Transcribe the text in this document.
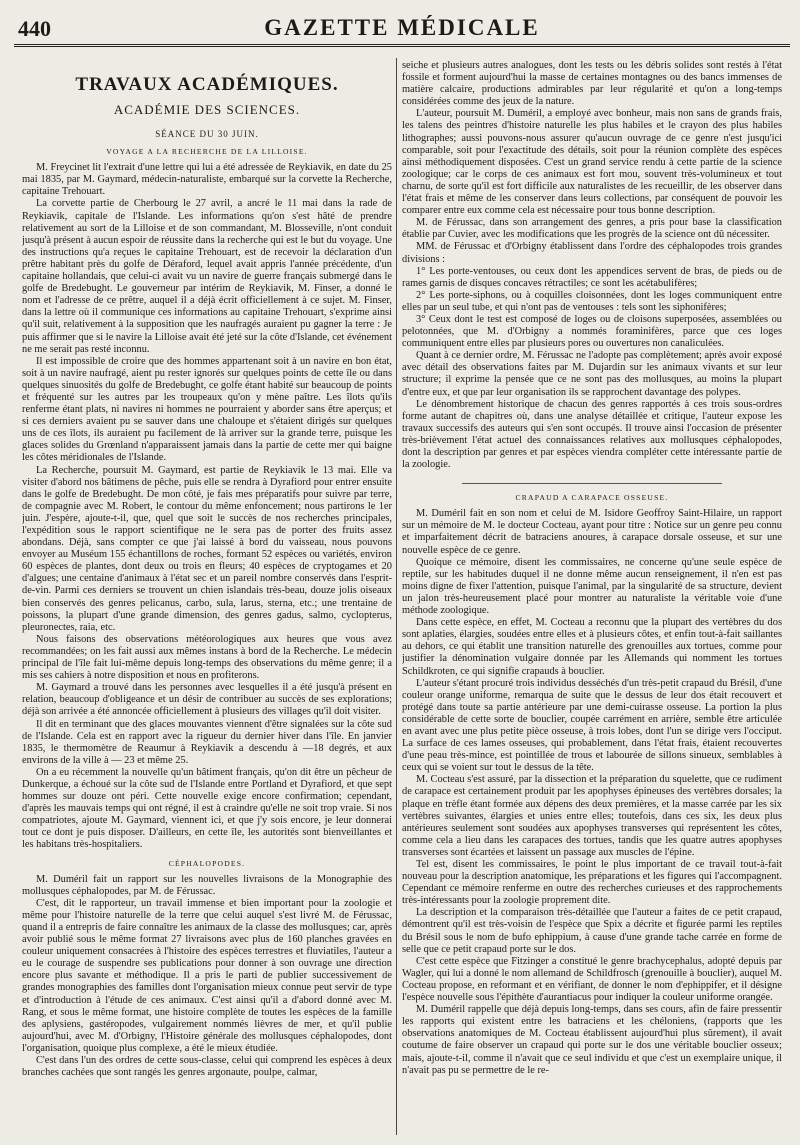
440	GAZETTE MÉDICALE
TRAVAUX ACADÉMIQUES.
ACADÉMIE DES SCIENCES.
SÉANCE DU 30 JUIN.
VOYAGE A LA RECHERCHE DE LA LILLOISE.

M. Freycinet lit l'extrait d'une lettre qui lui a été adressée de Reykiavik, en date du 25 mai 1835, par M. Gaymard, médecin-naturaliste, embarqué sur la corvette la Recherche, capitaine Trehouart.

La corvette partie de Cherbourg le 27 avril, a ancré le 11 mai dans la rade de Reykiavik, capitale de l'Islande. Les informations qu'on s'est hâté de prendre relativement au sort de la Lilloise et de son commandant, M. Blosseville, n'ont conduit jusqu'à présent à aucun espoir de réussite dans la recherche qui est le but du voyage. Une des instructions qu'a reçues le capitaine Trehouart, est de recevoir la déclaration d'un prêtre habitant près du golfe de Déraford, lequel avait appris l'année précédente, d'un capitaine hollandais, que celui-ci avait vu un navire de guerre français submergé dans le golfe de Bredebught. Le gouverneur par intérim de Reykiavik, M. Finser, a donné le nom et l'adresse de ce prêtre, auquel il a déjà écrit officiellement à ce sujet. M. Finser, dans la lettre où il communique ces informations au capitaine Trehouart, s'exprime ainsi qu'il suit, relativement à la supposition que les naufragés auraient pu gagner la terre : Je puis affirmer que si le navire la Lilloise avait été jeté sur la côte d'Islande, cet événement ne me serait pas resté inconnu.

Il est impossible de croire que des hommes appartenant soit à un navire en bon état, soit à un navire naufragé, aient pu rester ignorés sur quelques points de cette île ou dans quelques sinuosités du golfe de Bredebught, ce golfe étant habité sur beaucoup de points et fréquenté sur les autres par les troupeaux qu'on y mène paître. Les îlots qu'ils renferme étant plats, ni navires ni hommes ne pourraient y aborder sans être aperçus; et si ces derniers avaient pu se sauver dans une chaloupe et s'étaient dirigés sur quelques uns de ces îlots, ils auraient pu facilement de là arriver sur la grande terre, puisque les glaces solides du Grœnland n'apparaissent jamais dans la partie de cette mer qui baigne les côtes méridionales de l'Islande.

La Recherche, poursuit M. Gaymard, est partie de Reykiavik le 13 mai. Elle va visiter d'abord nos bâtimens de pêche, puis elle se rendra à Dyrafiord pour entrer ensuite dans le golfe de Bredebught. De mon côté, je fais mes préparatifs pour suivre par terre, de compagnie avec M. Robert, le contour du même enfoncement; nous partirons le 1er juin. J'espère, ajoute-t-il, que, quel que soit le succès de nos recherches principales, l'expédition sous le rapport scientifique ne le sera pas de porter des fruits assez abondans. Déjà, sans compter ce que j'ai laissé à bord du vaisseau, nous pouvons envoyer au Muséum 155 échantillons de roches, formant 52 espèces ou variétés, environ 60 espèces de plantes, dont deux ou trois en fleurs; 40 espèces de cryptogames et 20 d'algues; une centaine d'animaux à l'état sec et un pareil nombre conservés dans l'esprit-de-vin. Parmi ces derniers se trouvent un chien islandais très-beau, douze jolis oiseaux bien conservés des genres pelicanus, carbo, sula, larus, sterna, etc.; une trentaine de poissons, la plupart d'une grande dimension, des genres gadus, salmo, cyclopterus, pleuronectes, raia, etc.

Nous faisons des observations météorologiques aux heures que vous avez recommandées; on les fait aussi aux mêmes instans à bord de la Recherche. Le médecin principal de l'île fait lui-même depuis long-temps des observations du même genre; il a mis ses cahiers à notre disposition et nous en profiterons.

M. Gaymard a trouvé dans les personnes avec lesquelles il a été jusqu'à présent en relation, beaucoup d'obligeance et un désir de contribuer au succès de ses explorations; déjà son arrivée a été annoncée officiellement à plusieurs des villages qu'il doit visiter.

Il dit en terminant que des glaces mouvantes viennent d'être signalées sur la côte sud de l'Islande. Cela est en rapport avec la rigueur du dernier hiver dans l'île. En janvier 1835, le thermomètre de Reaumur à Reykiavik a descendu à —18 degrés, et aux environs de la ville à — 23 et même 25.

On a eu récemment la nouvelle qu'un bâtiment français, qu'on dit être un pêcheur de Dunkerque, a échoué sur la côte sud de l'Islande entre Portland et Dyrafiord, et que sept hommes sur douze ont péri. Cette nouvelle exige encore confirmation; cependant, d'après les mauvais temps qui ont régné, il est à craindre qu'elle ne soit trop vraie. Si nos compatriotes, ajoute M. Gaymard, viennent ici, et que j'y sois encore, je leur donnerai tout ce dont je puis disposer. D'ailleurs, en cette île, les autorités sont bienveillantes et les habitans très-hospitaliers.

CÉPHALOPODES.

M. Duméril fait un rapport sur les nouvelles livraisons de la Monographie des mollusques céphalopodes, par M. de Férussac.

C'est, dit le rapporteur, un travail immense et bien important pour la zoologie et même pour l'histoire naturelle de la terre que celui auquel s'est livré M. de Férussac, quand il a entrepris de faire connaître les animaux de la classe des mollusques; car, après avoir publié sous le même format 27 livraisons avec plus de 160 planches gravées en couleur uniquement consacrées à l'histoire des espèces terrestres et fluviatiles, l'auteur a eu le courage de suspendre ses publications pour donner à son ouvrage une direction encore plus savante et méthodique. Il a pris le parti de publier successivement de grandes monographies des familles dont l'organisation mieux connue peut servir de type et d'introduction à l'étude de ces animaux. C'est ainsi qu'il a d'abord donné avec M. Rang, et sous le même format, une histoire complète de toutes les espèces de la famille des aplysiens, gastéropodes, vulgairement nommés lièvres de mer, et qu'il publie aujourd'hui, avec M. d'Orbigny, l'Histoire générale des mollusques céphalopodes, dont l'organisation, quoique plus complexe, a été le mieux étudiée.

C'est dans l'un des ordres de cette sous-classe, celui qui comprend les espèces à deux branches cachées que sont rangés les genres argonaute, poulpe, calmar,

seiche et plusieurs autres analogues, dont les tests ou les débris solides sont restés à l'état fossile et forment aujourd'hui la masse de certaines montagnes ou des bancs immenses de matière calcaire, productions admirables par leur régularité et qu'on a long-temps considérées comme des jeux de la nature.

L'auteur, poursuit M. Duméril, a employé avec bonheur, mais non sans de grands frais, les talens des peintres d'histoire naturelle les plus habiles et le crayon des plus habiles lithographes; aussi pouvons-nous assurer qu'aucun ouvrage de ce genre n'est jusqu'ici comparable, soit pour l'exactitude des détails, soit pour la réunion complète des espèces ainsi méthodiquement disposées. C'est un grand service rendu à cette partie de la science zoologique; car le corps de ces animaux est fort mou, souvent très-volumineux et tout charnu, de sorte qu'il est fort difficile aux naturalistes de les recueillir, de les observer dans l'état frais et même de les conserver dans leurs collections, par conséquent de pouvoir les comparer entre eux comme cela est nécessaire pour tous bonne description.

M. de Férussac, dans son arrangement des genres, a pris pour base la classification établie par Cuvier, avec les modifications que les progrès de la science ont dû nécessiter.

MM. de Férussac et d'Orbigny établissent dans l'ordre des céphalopodes trois grandes divisions :

1° Les porte-ventouses, ou ceux dont les appendices servent de bras, de pieds ou de rames garnis de disques concaves rétractiles; ce sont les acétabulifères;

2° Les porte-siphons, ou à coquilles cloisonnées, dont les loges communiquent entre elles par un seul tube, et qui n'ont pas de ventouses : tels sont les siphonifères;

3° Ceux dont le test est composé de loges ou de cloisons superposées, assemblées ou pelotonnées, que M. d'Orbigny a nommés foraminifères, parce que ces loges communiquent entre elles par plusieurs pores ou ouvertures non canaliculées.

Quant à ce dernier ordre, M. Férussac ne l'adopte pas complètement; après avoir exposé avec détail des observations faites par M. Dujardin sur les animaux vivants et sur leur structure; il exprime la pensée que ce ne sont pas des mollusques, au moins la plupart d'entre eux, et que par leur organisation ils se rapprochent davantage des polypes.

Le dénombrement historique de chacun des genres rapportés à ces trois sous-ordres forme autant de chapitres où, dans une analyse détaillée et critique, l'auteur expose les travaux successifs des auteurs qui s'en sont occupés. Il trouve ainsi l'occasion de présenter très-brièvement l'état actuel des connaissances relatives aux mollusques céphalopodes, dont la description par genres et par espèces viendra compléter cette intéressante partie de la zoologie.

CRAPAUD A CARAPACE OSSEUSE.

M. Duméril fait en son nom et celui de M. Isidore Geoffroy Saint-Hilaire, un rapport sur un mémoire de M. le docteur Cocteau, ayant pour titre : Notice sur un genre peu connu et imparfaitement décrit de batraciens anoures, à carapace dorsale osseuse, et sur une nouvelle espèce de ce genre.

Quoique ce mémoire, disent les commissaires, ne concerne qu'une seule espèce de reptile, sur les habitudes duquel il ne donne même aucun renseignement, il n'en est pas moins digne de fixer l'attention, puisque l'animal, par la singularité de sa structure, devient un jalon très-heureusement placé pour montrer au naturaliste la véritable voie d'une méthode zoologique.

Dans cette espèce, en effet, M. Cocteau a reconnu que la plupart des vertèbres du dos sont aplaties, élargies, soudées entre elles et à plusieurs côtes, et enfin tout-à-fait saillantes au dehors, ce qui établit une transition naturelle des grenouilles aux tortues, comme pour justifier la dénomination vulgaire donnée par les Allemands qui nomment les tortues Schildkroten, ce qui signifie crapauds à bouclier.

L'auteur s'étant procuré trois individus desséchés d'un très-petit crapaud du Brésil, d'une couleur orange uniforme, remarqua de suite que le dessus de leur dos était recouvert et protégé dans toute sa partie antérieure par une demi-cuirasse osseuse. La portion la plus considérable de cette sorte de bouclier, coupée carrément en arrière, semble être articulée en avant avec une plus petite pièce osseuse, à trois lobes, dont l'un se dirige vers l'occiput. La surface de ces lames osseuses, qui probablement, dans l'état frais, étaient recouvertes d'une peau très-mince, est pointillée de trous et labourée de sillons sinueux, semblables à ceux qui se voient sur tout le dessus de la tête.

M. Cocteau s'est assuré, par la dissection et la préparation du squelette, que ce rudiment de carapace est certainement produit par les apophyses épineuses des vertèbres dorsales; la plaque en trèfle étant formée aux dépens des deux premières, et la masse carrée par les six vertèbres suivantes, élargies et unies entre elles; toutefois, dans ces six, les deux plus antérieures seulement sont soudées aux apophyses transverses qui représentent les côtes, comme cela a lieu dans les carapaces des tortues, tandis que les quatre autres apophyses transverses sont écartées et laissent un passage aux muscles de l'épine.

Tel est, disent les commissaires, le point le plus important de ce travail tout-à-fait nouveau pour la description anatomique, les préparations et les figures qui l'accompagnent. Cependant ce mémoire renferme en outre des recherches curieuses et des rapprochements très-intéressants pour la zoologie proprement dite.

La description et la comparaison très-détaillée que l'auteur a faites de ce petit crapaud, démontrent qu'il est très-voisin de l'espèce que Spix a décrite et figurée parmi les reptiles du Brésil sous le nom de bufo ephippium, à cause d'une grande tache carrée en forme de selle que ce petit crapaud porte sur le dos.

C'est cette espèce que Fitzinger a constitué le genre brachycephalus, adopté depuis par Wagler, qui lui a donné le nom allemand de Schildfrosch (grenouille à bouclier), auquel M. Cocteau propose, en reformant et en vérifiant, de donner le nom d'ephippifer, et il désigne l'espèce nouvelle sous l'épithète d'aurantiacus pour indiquer la couleur uniforme orangée.

M. Duméril rappelle que déjà depuis long-temps, dans ses cours, afin de faire pressentir les rapports qui existent entre les batraciens et les chéloniens, (rapports que les observations anatomiques de M. Cocteau établissent aujourd'hui plus sûrement), il avait coutume de faire observer un crapaud qui porte sur le dos une véritable bouclier osseux; mais, ajoute-t-il, comme il n'avait que ce seul individu et que c'est un exemplaire unique, il n'avait pas pu se permettre de le re-
